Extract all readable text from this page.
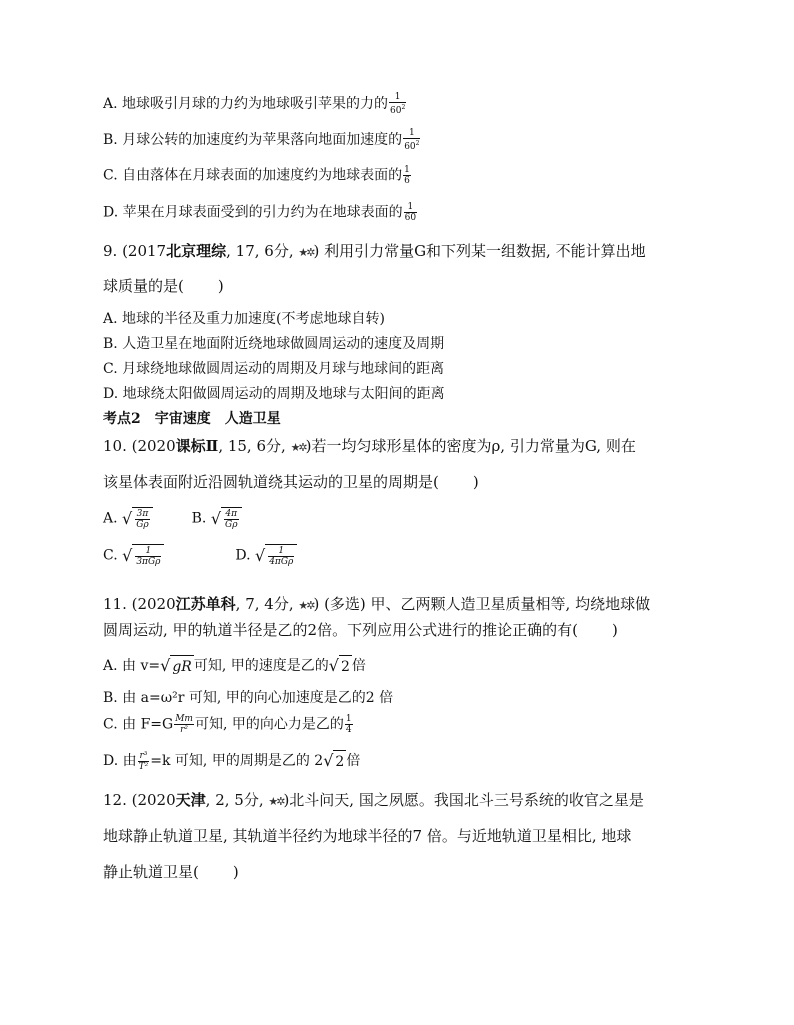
A. 地球吸引月球的力约为地球吸引苹果的力的 $\frac{1}{60^2}$
B. 月球公转的加速度约为苹果落向地面加速度的 $\frac{1}{60^2}$
C. 自由落体在月球表面的加速度约为地球表面的 $\frac{1}{6}$
D. 苹果在月球表面受到的引力约为在地球表面的 $\frac{1}{60}$
9. (2017北京理综, 17, 6分, ★✲) 利用引力常量G和下列某一组数据, 不能计算出地
球质量的是( )
A. 地球的半径及重力加速度(不考虑地球自转)
B. 人造卫星在地面附近绕地球做圆周运动的速度及周期
C. 月球绕地球做圆周运动的周期及月球与地球间的距离
D. 地球绕太阳做圆周运动的周期及地球与太阳间的距离
考点2　宇宙速度　人造卫星
10. (2020课标Ⅱ, 15, 6分, ★✲)若一均匀球形星体的密度为ρ, 引力常量为G, 则在
该星体表面附近沿圆轨道绕其运动的卫星的周期是( )
A. √ $\frac{3\pi}{G\rho}$	B. √ $\frac{4\pi}{G\rho}$
C. √ $\frac{1}{\text{3πGρ}}$	D. √ $\frac{1}{\text{4πGρ}}$
11. (2020江苏单科, 7, 4分, ★✲) (多选) 甲、乙两颗人造卫星质量相等, 均绕地球做
圆周运动, 甲的轨道半径是乙的2倍。下列应用公式进行的推论正确的有( )
A. 由 v=√ gR 可知, 甲的速度是乙的√ 2 倍
B. 由 a=ω²r 可知, 甲的向心加速度是乙的2 倍
C. 由 $F=G \frac{Mm}{\text{r²}}$ 可知, 甲的向心力是乙的 $\frac{1}{4}$
D. 由 $\frac{\text{r³}}{\text{T²}} =k$ 可知, 甲的周期是乙的 2√ 2 倍
12. (2020天津, 2, 5分, ★✲)北斗问天, 国之夙愿。我国北斗三号系统的收官之星是
地球静止轨道卫星, 其轨道半径约为地球半径的7 倍。与近地轨道卫星相比, 地球
静止轨道卫星( )
